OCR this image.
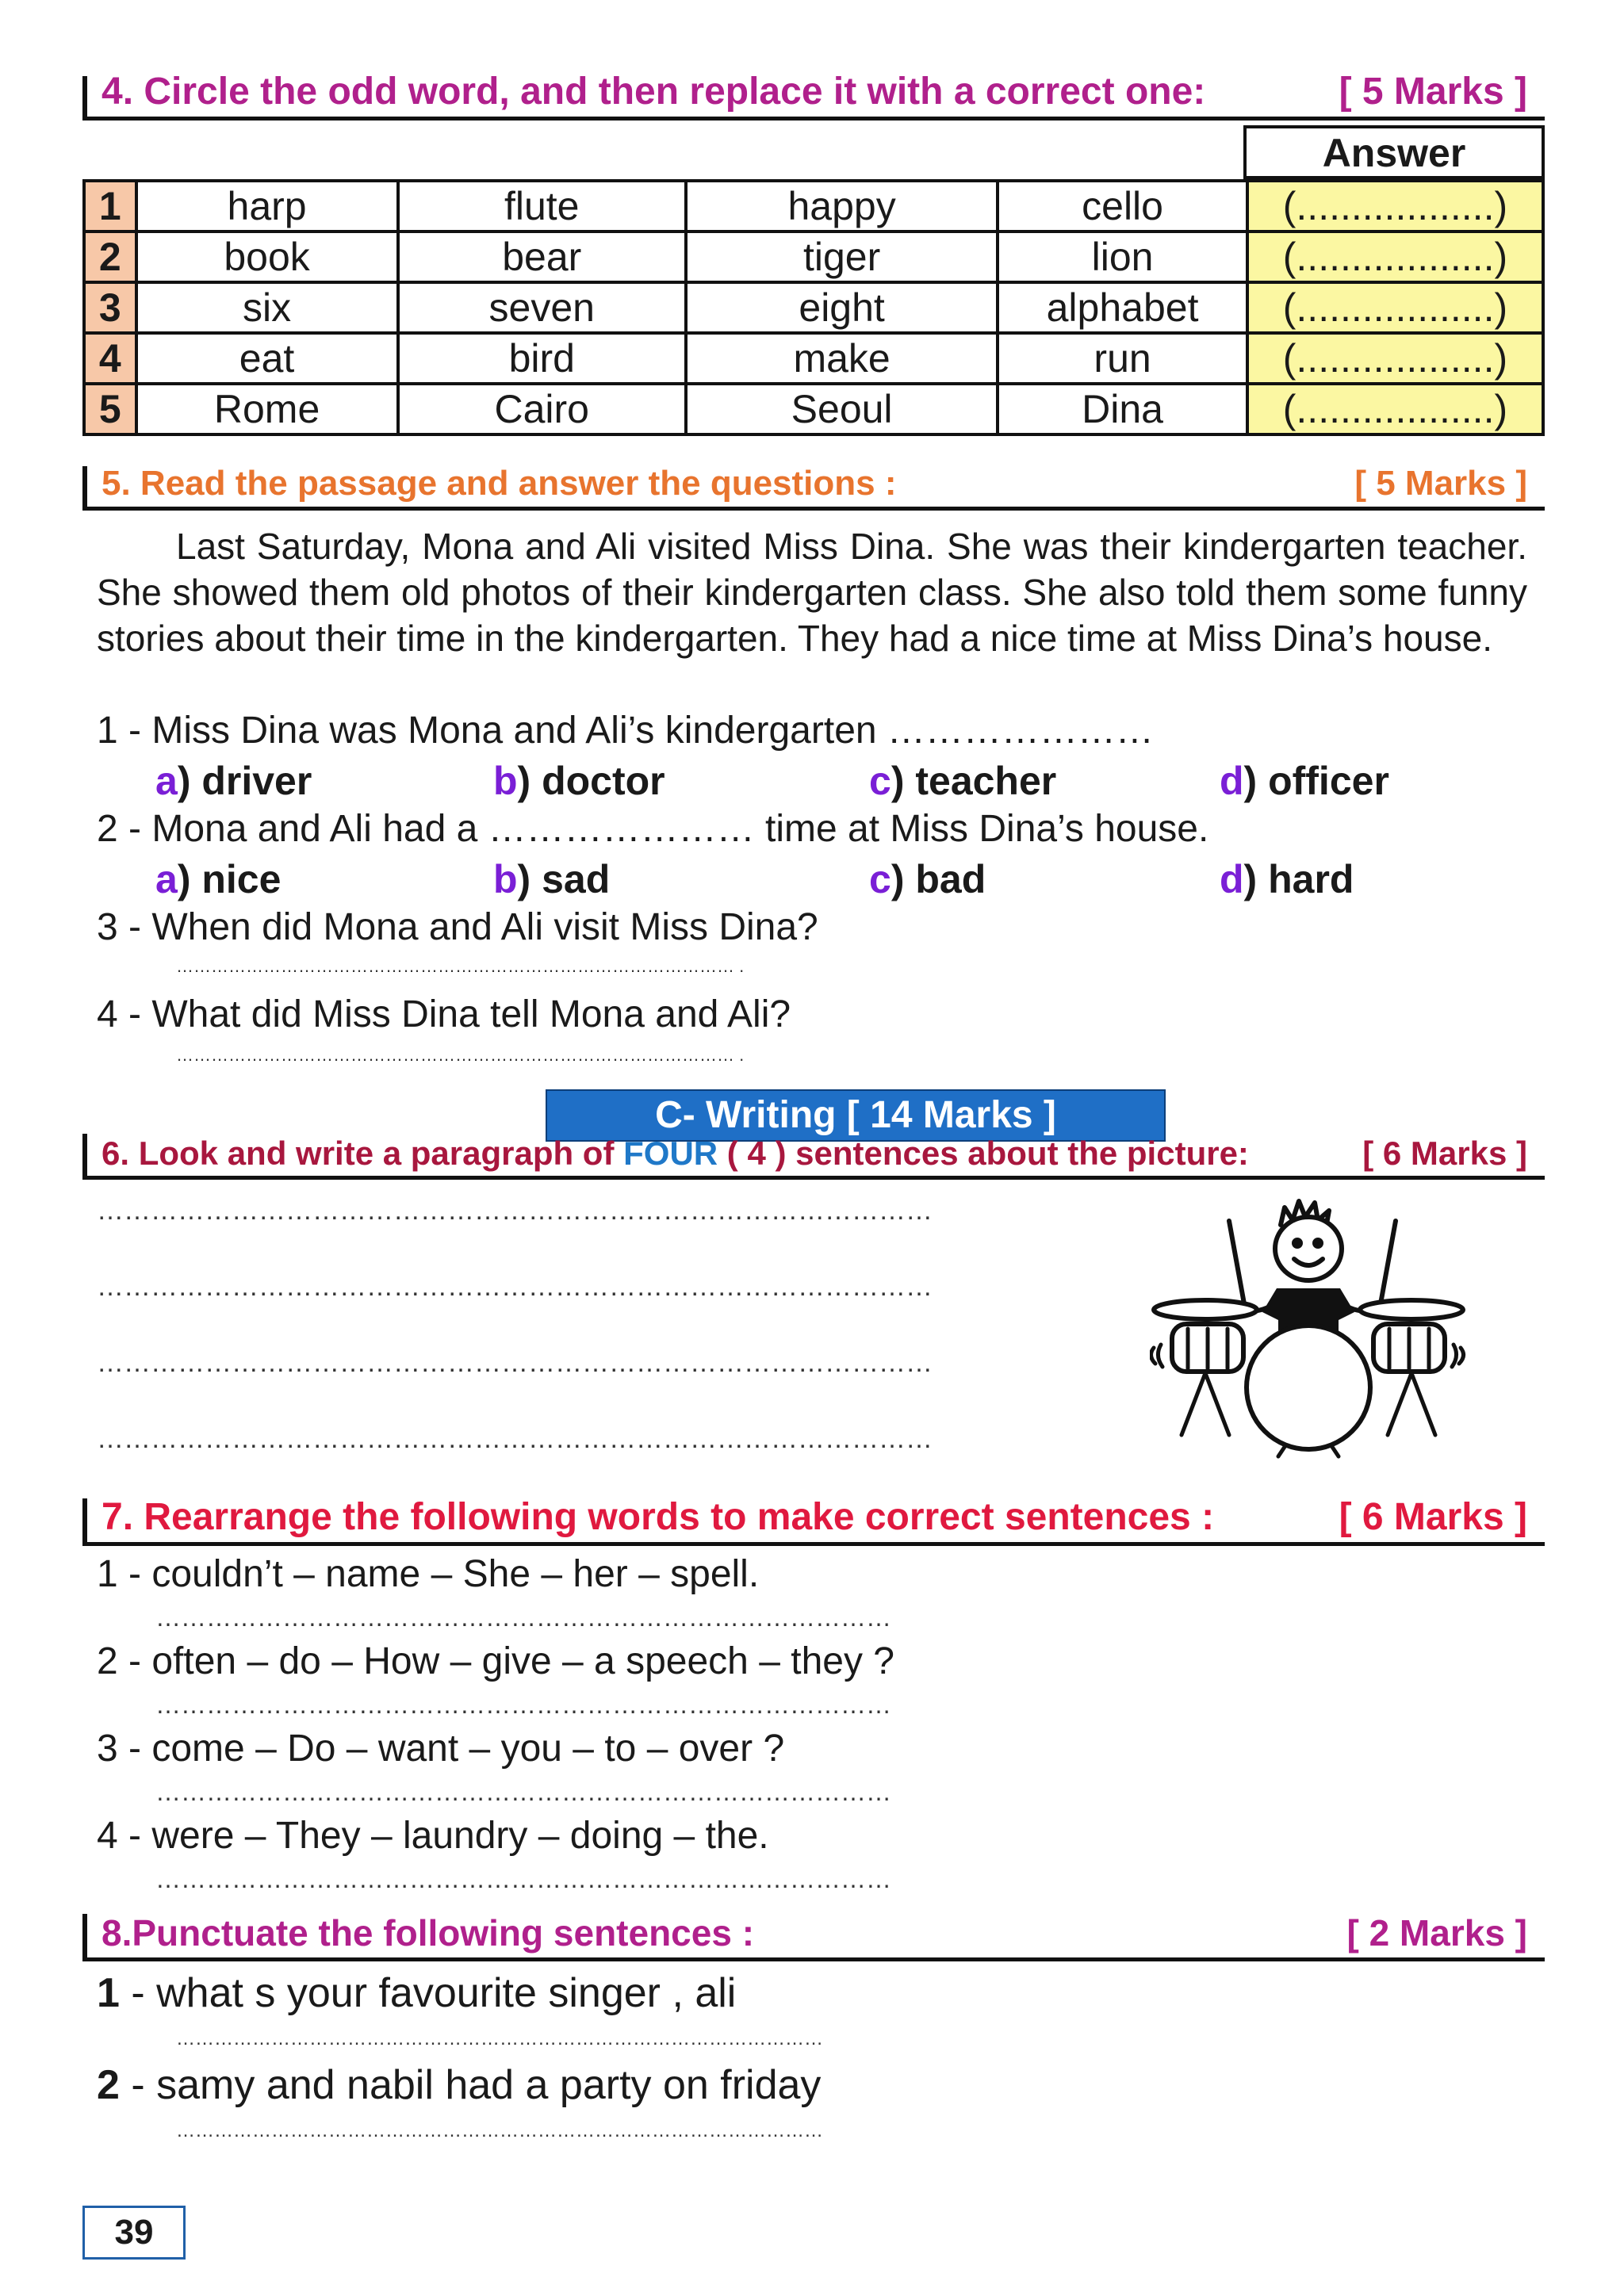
4. Circle the odd word, and then replace it with a correct one:	[ 5 Marks ]
Answer
1	harp	flute	happy	cello	(..................)
2	book	bear	tiger	lion	(..................)
3	six	seven	eight	alphabet	(..................)
4	eat	bird	make	run	(..................)
5	Rome	Cairo	Seoul	Dina	(..................)
5. Read the passage and answer the questions :	[ 5 Marks ]
Last Saturday, Mona and Ali visited Miss Dina. She was their kindergarten teacher. She showed them old photos of their kindergarten class. She also told them some funny stories about their time in the kindergarten. They had a nice time at Miss Dina’s house.
1 - Miss Dina was Mona and Ali’s kindergarten …………………
a) driver	b) doctor	c) teacher	d) officer
2 - Mona and Ali had a ………………… time at Miss Dina’s house.
a) nice	b) sad	c) bad	d) hard
3 - When did Mona and Ali visit Miss Dina?
…………………………………………………………………………………… .
4 - What did Miss Dina tell Mona and Ali?
…………………………………………………………………………………… .
C- Writing [ 14 Marks ]
6. Look and write a paragraph of FOUR ( 4 ) sentences about the picture:	[ 6 Marks ]
…………………………………………………………………………………
…………………………………………………………………………………
…………………………………………………………………………………
…………………………………………………………………………………
7. Rearrange the following words to make correct sentences :	[ 6 Marks ]
1 - couldn’t – name – She – her – spell.
……………………………………………………………………………
2 - often – do – How – give – a speech – they ?
……………………………………………………………………………
3 - come – Do – want – you – to – over ?
……………………………………………………………………………
4 - were – They – laundry – doing – the.
……………………………………………………………………………
8.Punctuate the following sentences :	[ 2 Marks ]
1 - what s your favourite singer , ali
…………………………………………………………………………………………
2 - samy and nabil had a party on friday
…………………………………………………………………………………………
39
